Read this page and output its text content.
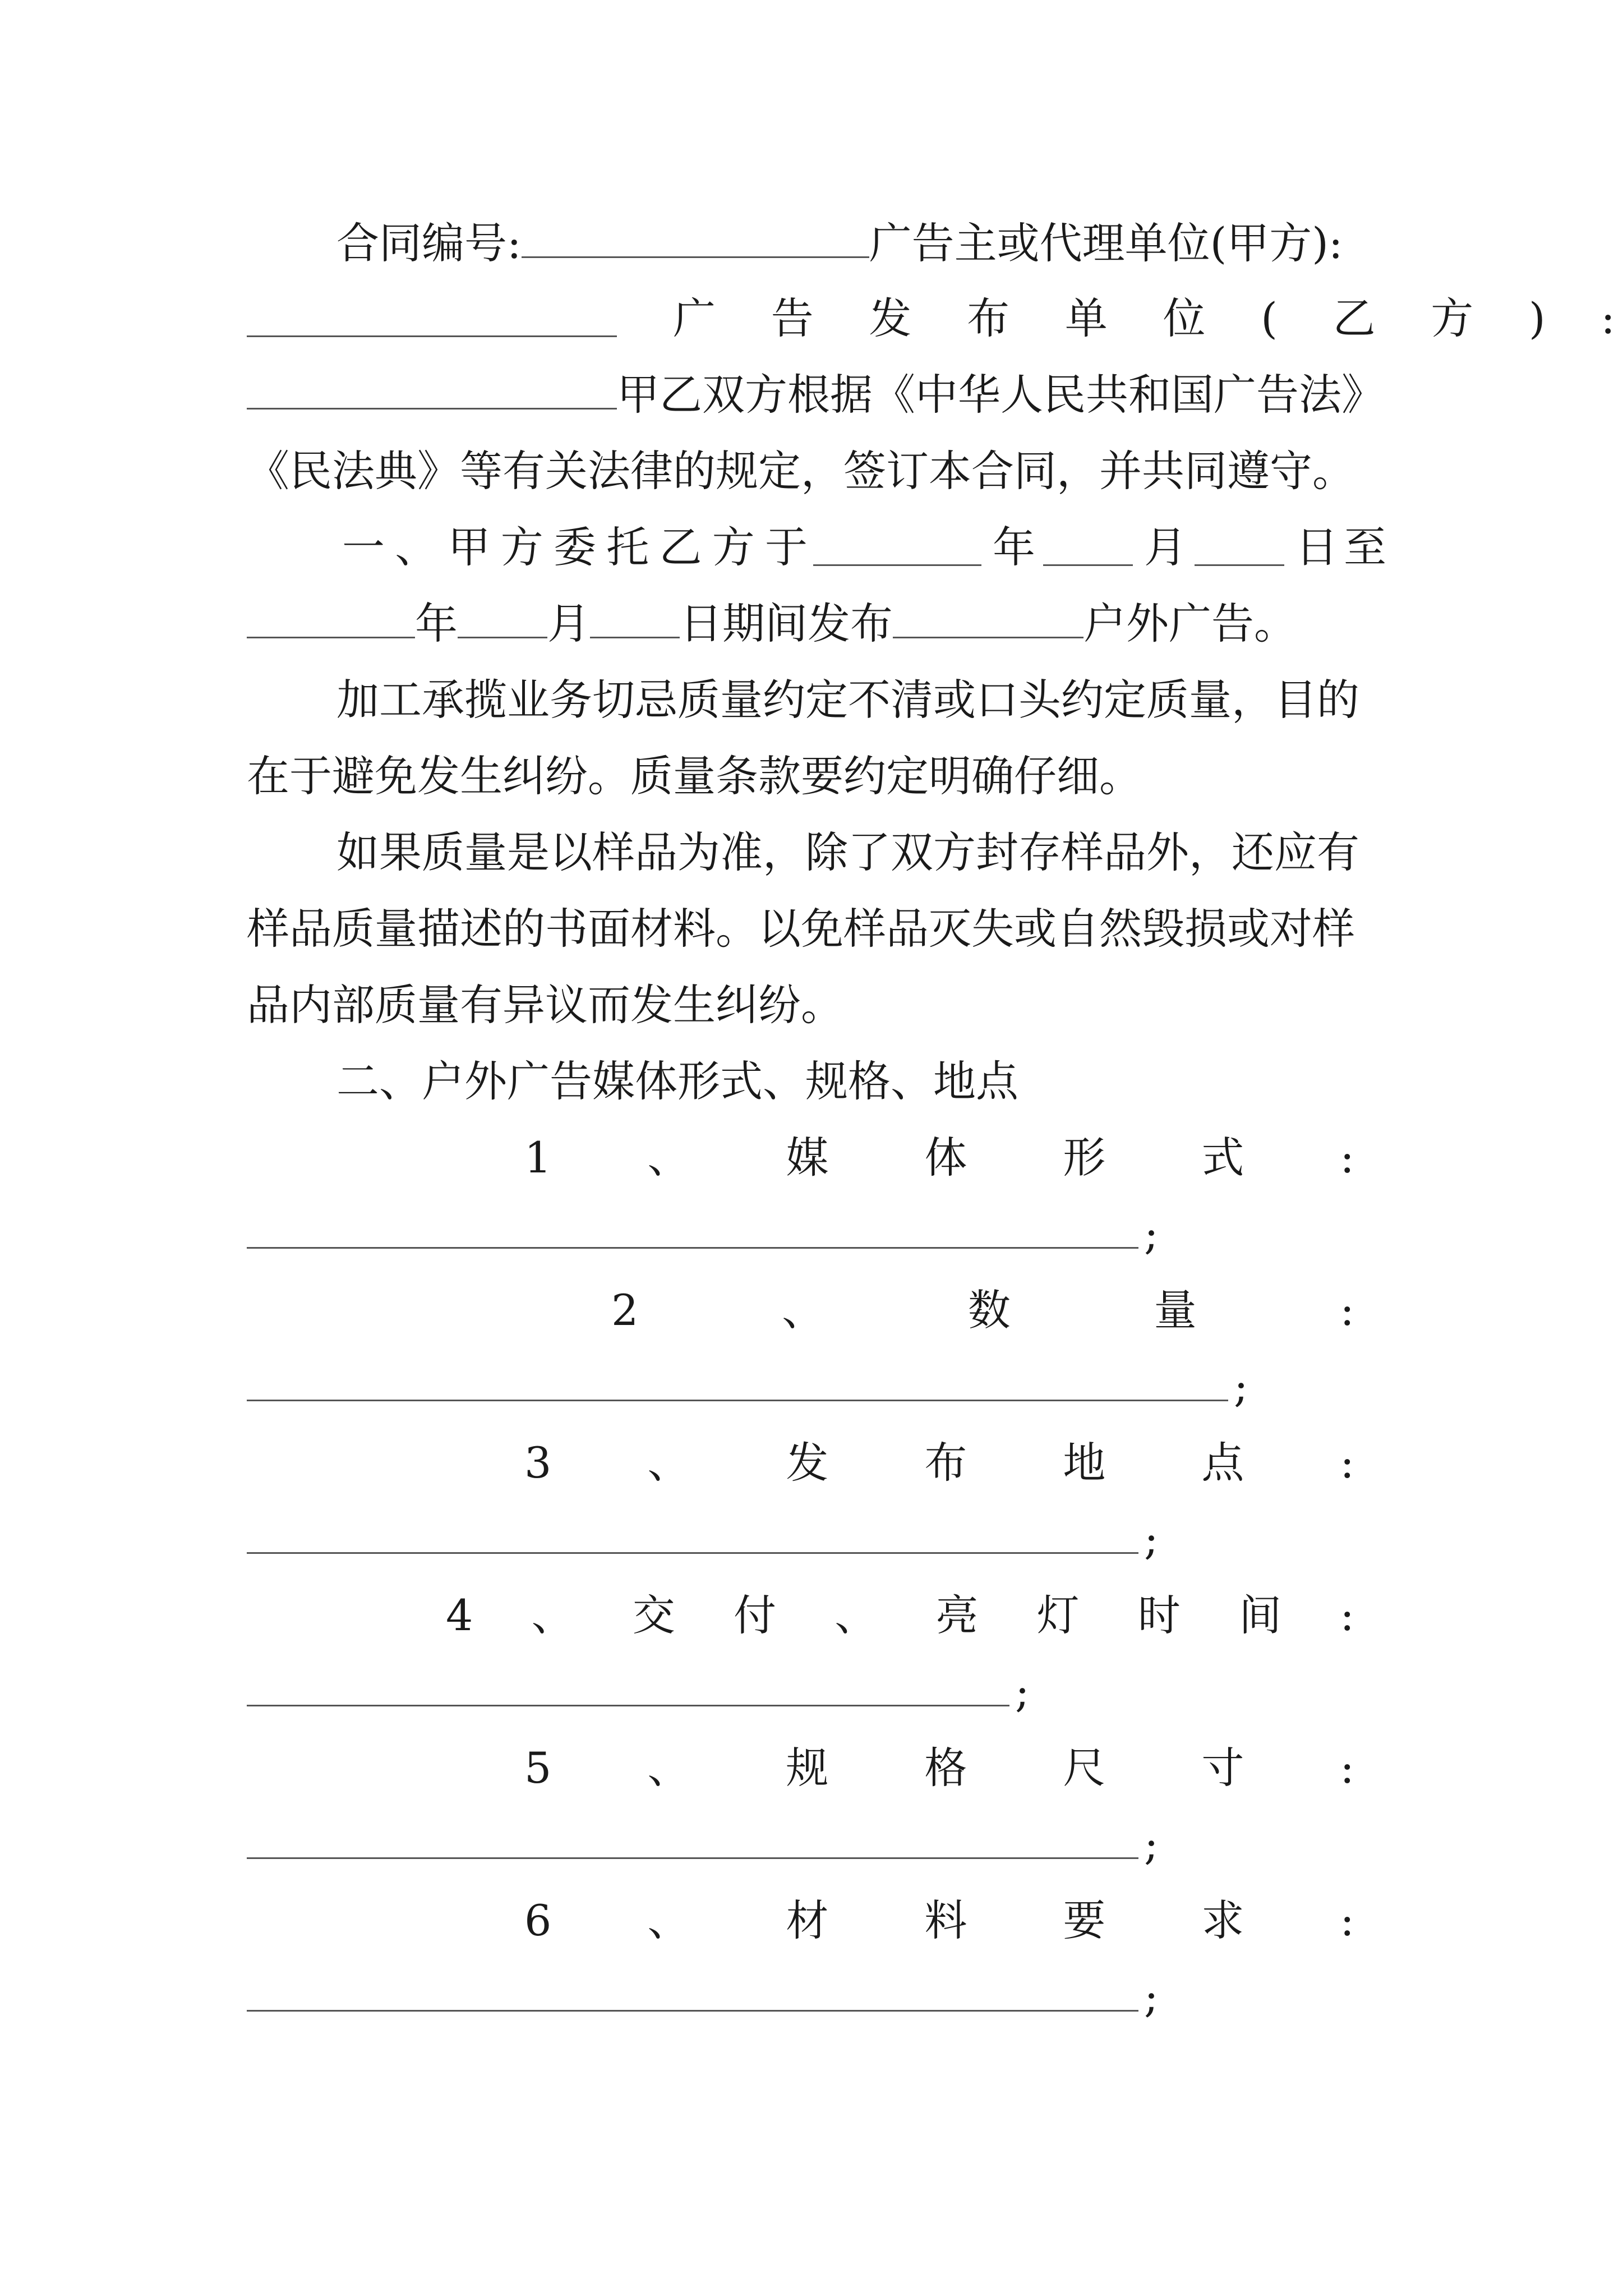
合同编号:	广告主或代理单位(甲方):
广 告 发 布 单 位 ( 乙 方 ) :
甲乙双方根据《中华人民共和国广告法》
《民法典》等有关法律的规定，签订本合同，并共同遵守。
一 、 甲 方 委 托 乙 方 于	年	月	日 至
年 月 日期间发布	户外广告。
加工承揽业务切忌质量约定不清或口头约定质量，目的
在于避免发生纠纷。质量条款要约定明确仔细。
如果质量是以样品为准，除了双方封存样品外，还应有
样品质量描述的书面材料。以免样品灭失或自然毁损或对样
品内部质量有异议而发生纠纷。
二、户外广告媒体形式、规格、地点
1 、 媒 体 形 式 :
;
2	、	数	量	:
;
3 、 发 布 地 点 :
;
4 、 交 付 、 亮 灯 时 间 :
;
5 、 规 格 尺 寸 :
;
6 、 材 料 要 求 :
;
